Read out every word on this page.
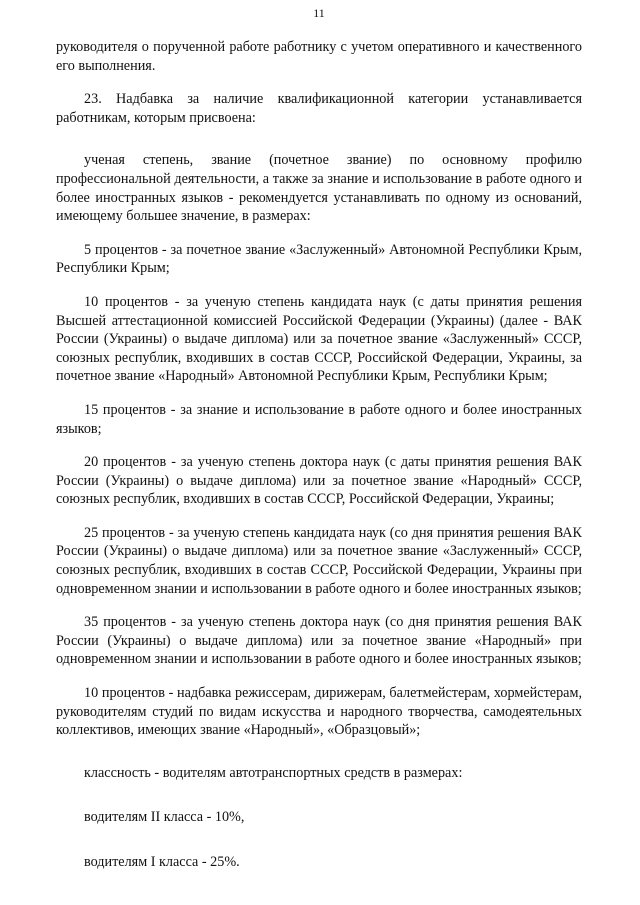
11

руководителя о порученной работе работнику с учетом оперативного и качественного его выполнения.

23. Надбавка за наличие квалификационной категории устанавливается работникам, которым присвоена:

ученая степень, звание (почетное звание) по основному профилю профессиональной деятельности, а также за знание и использование в работе одного и более иностранных языков - рекомендуется устанавливать по одному из оснований, имеющему большее значение, в размерах:

5 процентов - за почетное звание «Заслуженный» Автономной Республики Крым, Республики Крым;

10 процентов - за ученую степень кандидата наук (с даты принятия решения Высшей аттестационной комиссией Российской Федерации (Украины) (далее - ВАК России (Украины) о выдаче диплома) или за почетное звание «Заслуженный» СССР, союзных республик, входивших в состав СССР, Российской Федерации, Украины, за почетное звание «Народный» Автономной Республики Крым, Республики Крым;

15 процентов - за знание и использование в работе одного и более иностранных языков;

20 процентов - за ученую степень доктора наук (с даты принятия решения ВАК России (Украины) о выдаче диплома) или за почетное звание «Народный» СССР, союзных республик, входивших в состав СССР, Российской Федерации, Украины;

25 процентов - за ученую степень кандидата наук (со дня принятия решения ВАК России (Украины) о выдаче диплома) или за почетное звание «Заслуженный» СССР, союзных республик, входивших в состав СССР, Российской Федерации, Украины при одновременном знании и использовании в работе одного и более иностранных языков;

35 процентов - за ученую степень доктора наук (со дня принятия решения ВАК России (Украины) о выдаче диплома) или за почетное звание «Народный» при одновременном знании и использовании в работе одного и более иностранных языков;

10 процентов - надбавка режиссерам, дирижерам, балетмейстерам, хормейстерам, руководителям студий по видам искусства и народного творчества, самодеятельных коллективов, имеющих звание «Народный», «Образцовый»;

классность - водителям автотранспортных средств в размерах:

водителям II класса - 10%,

водителям I класса - 25%.
